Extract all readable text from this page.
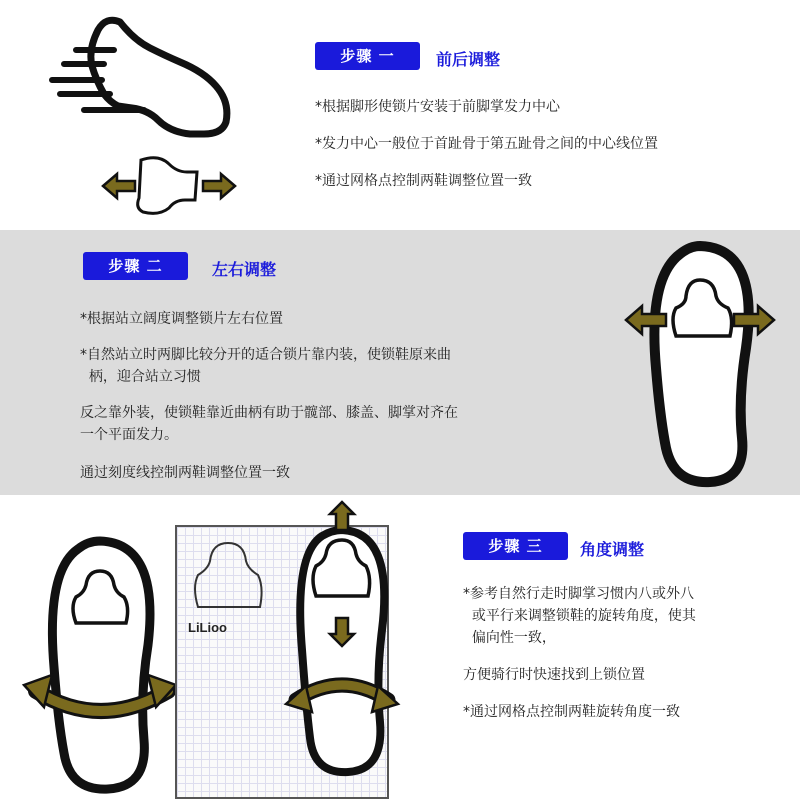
步骤 一	前后调整
*根据脚形使锁片安装于前脚掌发力中心
*发力中心一般位于首趾骨于第五趾骨之间的中心线位置
*通过网格点控制两鞋调整位置一致
步骤 二	左右调整
*根据站立阔度调整锁片左右位置
*自然站立时两脚比较分开的适合锁片靠内装，使锁鞋原来曲
柄，迎合站立习惯
反之靠外装，使锁鞋靠近曲柄有助于髋部、膝盖、脚掌对齐在
一个平面发力。
通过刻度线控制两鞋调整位置一致
LiLioo
步骤 三	角度调整
*参考自然行走时脚掌习惯内八或外八
或平行来调整锁鞋的旋转角度，使其
偏向性一致，
方便骑行时快速找到上锁位置
*通过网格点控制两鞋旋转角度一致
